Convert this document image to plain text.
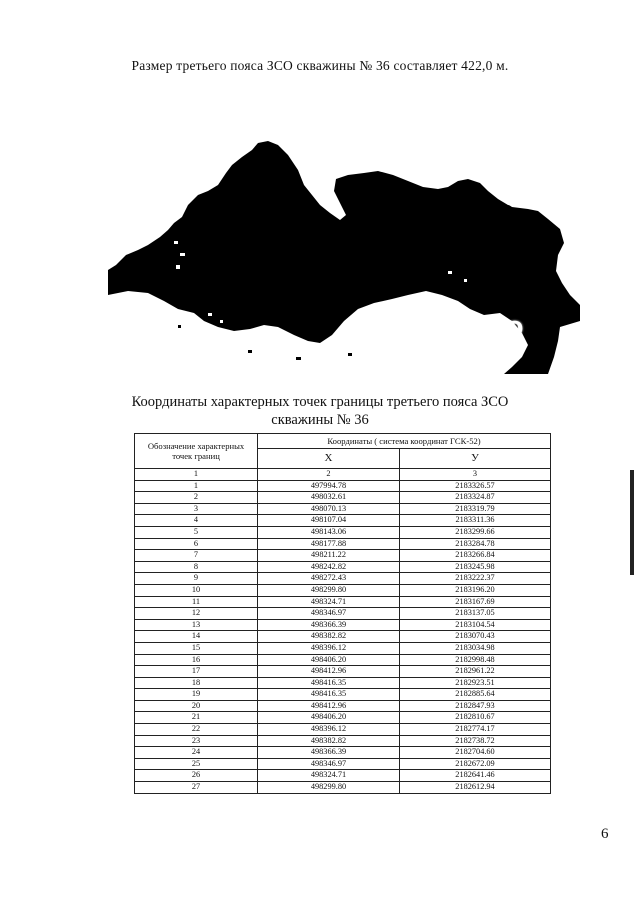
Размер третьего пояса ЗСО скважины № 36 составляет 422,0 м.
Савелово
Координаты характерных точек границы третьего пояса ЗСО
скважины № 36
Обозначение характерных точек границ	Координаты ( система координат ГСК-52)	
	X	У
1	2	3
1	497994.78	2183326.57
2	498032.61	2183324.87
3	498070.13	2183319.79
4	498107.04	2183311.36
5	498143.06	2183299.66
6	498177.88	2183284.78
7	498211.22	2183266.84
8	498242.82	2183245.98
9	498272.43	2183222.37
10	498299.80	2183196.20
11	498324.71	2183167.69
12	498346.97	2183137.05
13	498366.39	2183104.54
14	498382.82	2183070.43
15	498396.12	2183034.98
16	498406.20	2182998.48
17	498412.96	2182961.22
18	498416.35	2182923.51
19	498416.35	2182885.64
20	498412.96	2182847.93
21	498406.20	2182810.67
22	498396.12	2182774.17
23	498382.82	2182738.72
24	498366.39	2182704.60
25	498346.97	2182672.09
26	498324.71	2182641.46
27	498299.80	2182612.94
6
